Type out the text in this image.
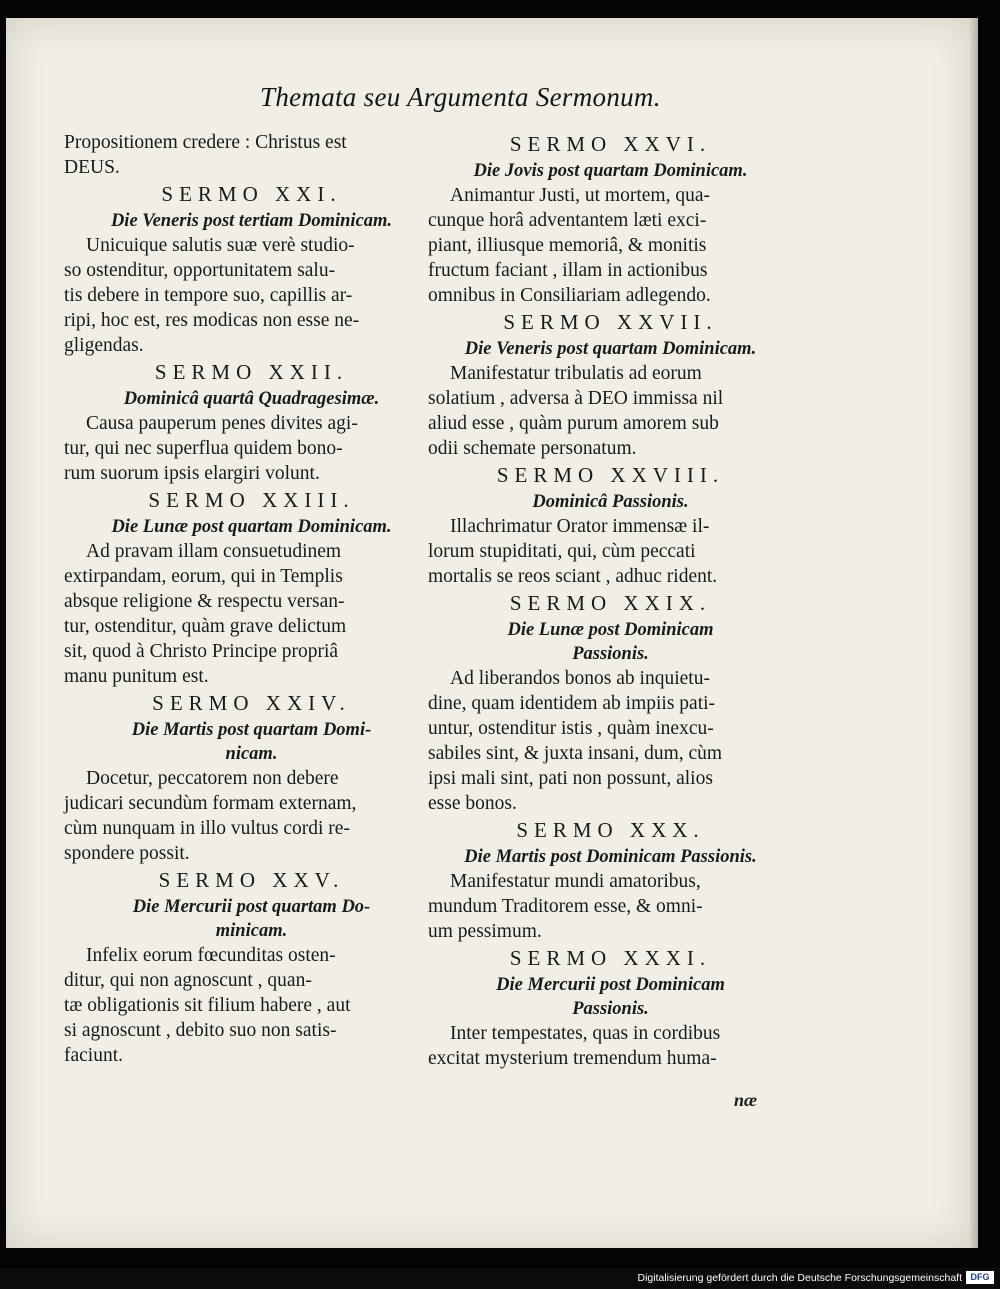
Themata seu Argumenta Sermonum.
Propositionem credere : Christus est
DEUS.
SERMO XXI.
Die Veneris post tertiam Dominicam.
Unicuique salutis suæ verè studio-
so ostenditur, opportunitatem salu-
tis debere in tempore suo, capillis ar-
ripi, hoc est, res modicas non esse ne-
gligendas.
SERMO XXII.
Dominicâ quartâ Quadragesimæ.
Causa pauperum penes divites agi-
tur, qui nec superflua quidem bono-
rum suorum ipsis elargiri volunt.
SERMO XXIII.
Die Lunæ post quartam Dominicam.
Ad pravam illam consuetudinem
extirpandam, eorum, qui in Templis
absque religione & respectu versan-
tur, ostenditur, quàm grave delictum
sit, quod à Christo Principe propriâ
manu punitum est.
SERMO XXIV.
Die Martis post quartam Domi-
nicam.
Docetur, peccatorem non debere
judicari secundùm formam externam,
cùm nunquam in illo vultus cordi re-
spondere possit.
SERMO XXV.
Die Mercurii post quartam Do-
minicam.
Infelix eorum fœcunditas osten-
ditur, qui non agnoscunt , quan-
tæ obligationis sit filium habere , aut
si agnoscunt , debito suo non satis-
faciunt.
SERMO XXVI.
Die Jovis post quartam Dominicam.
Animantur Justi, ut mortem, qua-
cunque horâ adventantem læti exci-
piant, illiusque memoriâ, & monitis
fructum faciant , illam in actionibus
omnibus in Consiliariam adlegendo.
SERMO XXVII.
Die Veneris post quartam Dominicam.
Manifestatur tribulatis ad eorum
solatium , adversa à DEO immissa nil
aliud esse , quàm purum amorem sub
odii schemate personatum.
SERMO XXVIII.
Dominicâ Passionis.
Illachrimatur Orator immensæ il-
lorum stupiditati, qui, cùm peccati
mortalis se reos sciant , adhuc rident.
SERMO XXIX.
Die Lunæ post Dominicam
Passionis.
Ad liberandos bonos ab inquietu-
dine, quam identidem ab impiis pati-
untur, ostenditur istis , quàm inexcu-
sabiles sint, & juxta insani, dum, cùm
ipsi mali sint, pati non possunt, alios
esse bonos.
SERMO XXX.
Die Martis post Dominicam Passionis.
Manifestatur mundi amatoribus,
mundum Traditorem esse, & omni-
um pessimum.
SERMO XXXI.
Die Mercurii post Dominicam
Passionis.
Inter tempestates, quas in cordibus
excitat mysterium tremendum huma-
næ
Digitalisierung gefördert durch die Deutsche Forschungsgemeinschaft DFG
